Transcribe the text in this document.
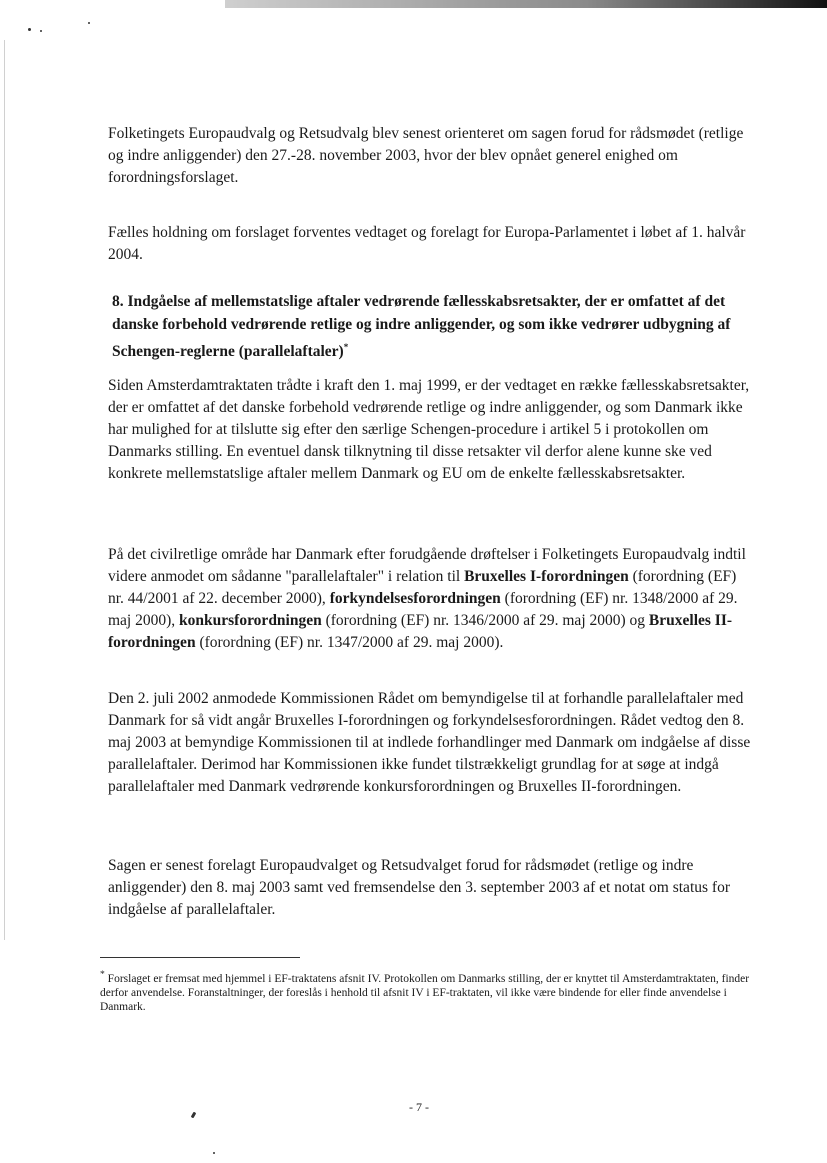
Folketingets Europaudvalg og Retsudvalg blev senest orienteret om sagen forud for rådsmødet (retlige og indre anliggender) den 27.-28. november 2003, hvor der blev opnået generel enighed om forordningsforslaget.

Fælles holdning om forslaget forventes vedtaget og forelagt for Europa-Parlamentet i løbet af 1. halvår 2004.

8. Indgåelse af mellemstatslige aftaler vedrørende fællesskabsretsakter, der er omfattet af det danske forbehold vedrørende retlige og indre anliggender, og som ikke vedrører udbygning af Schengen-reglerne (parallelaftaler)*

Siden Amsterdamtraktaten trådte i kraft den 1. maj 1999, er der vedtaget en række fællesskabsretsakter, der er omfattet af det danske forbehold vedrørende retlige og indre anliggender, og som Danmark ikke har mulighed for at tilslutte sig efter den særlige Schengen-procedure i artikel 5 i protokollen om Danmarks stilling. En eventuel dansk tilknytning til disse retsakter vil derfor alene kunne ske ved konkrete mellemstatslige aftaler mellem Danmark og EU om de enkelte fællesskabsretsakter.

På det civilretlige område har Danmark efter forudgående drøftelser i Folketingets Europaudvalg indtil videre anmodet om sådanne "parallelaftaler" i relation til Bruxelles I-forordningen (forordning (EF) nr. 44/2001 af 22. december 2000), forkyndelsesforordningen (forordning (EF) nr. 1348/2000 af 29. maj 2000), konkursforordningen (forordning (EF) nr. 1346/2000 af 29. maj 2000) og Bruxelles II-forordningen (forordning (EF) nr. 1347/2000 af 29. maj 2000).

Den 2. juli 2002 anmodede Kommissionen Rådet om bemyndigelse til at forhandle parallelaftaler med Danmark for så vidt angår Bruxelles I-forordningen og forkyndelsesforordningen. Rådet vedtog den 8. maj 2003 at bemyndige Kommissionen til at indlede forhandlinger med Danmark om indgåelse af disse parallelaftaler. Derimod har Kommissionen ikke fundet tilstrækkeligt grundlag for at søge at indgå parallelaftaler med Danmark vedrørende konkursforordningen og Bruxelles II-forordningen.

Sagen er senest forelagt Europaudvalget og Retsudvalget forud for rådsmødet (retlige og indre anliggender) den 8. maj 2003 samt ved fremsendelse den 3. september 2003 af et notat om status for indgåelse af parallelaftaler.

* Forslaget er fremsat med hjemmel i EF-traktatens afsnit IV. Protokollen om Danmarks stilling, der er knyttet til Amsterdamtraktaten, finder derfor anvendelse. Foranstaltninger, der foreslås i henhold til afsnit IV i EF-traktaten, vil ikke være bindende for eller finde anvendelse i Danmark.

- 7 -
